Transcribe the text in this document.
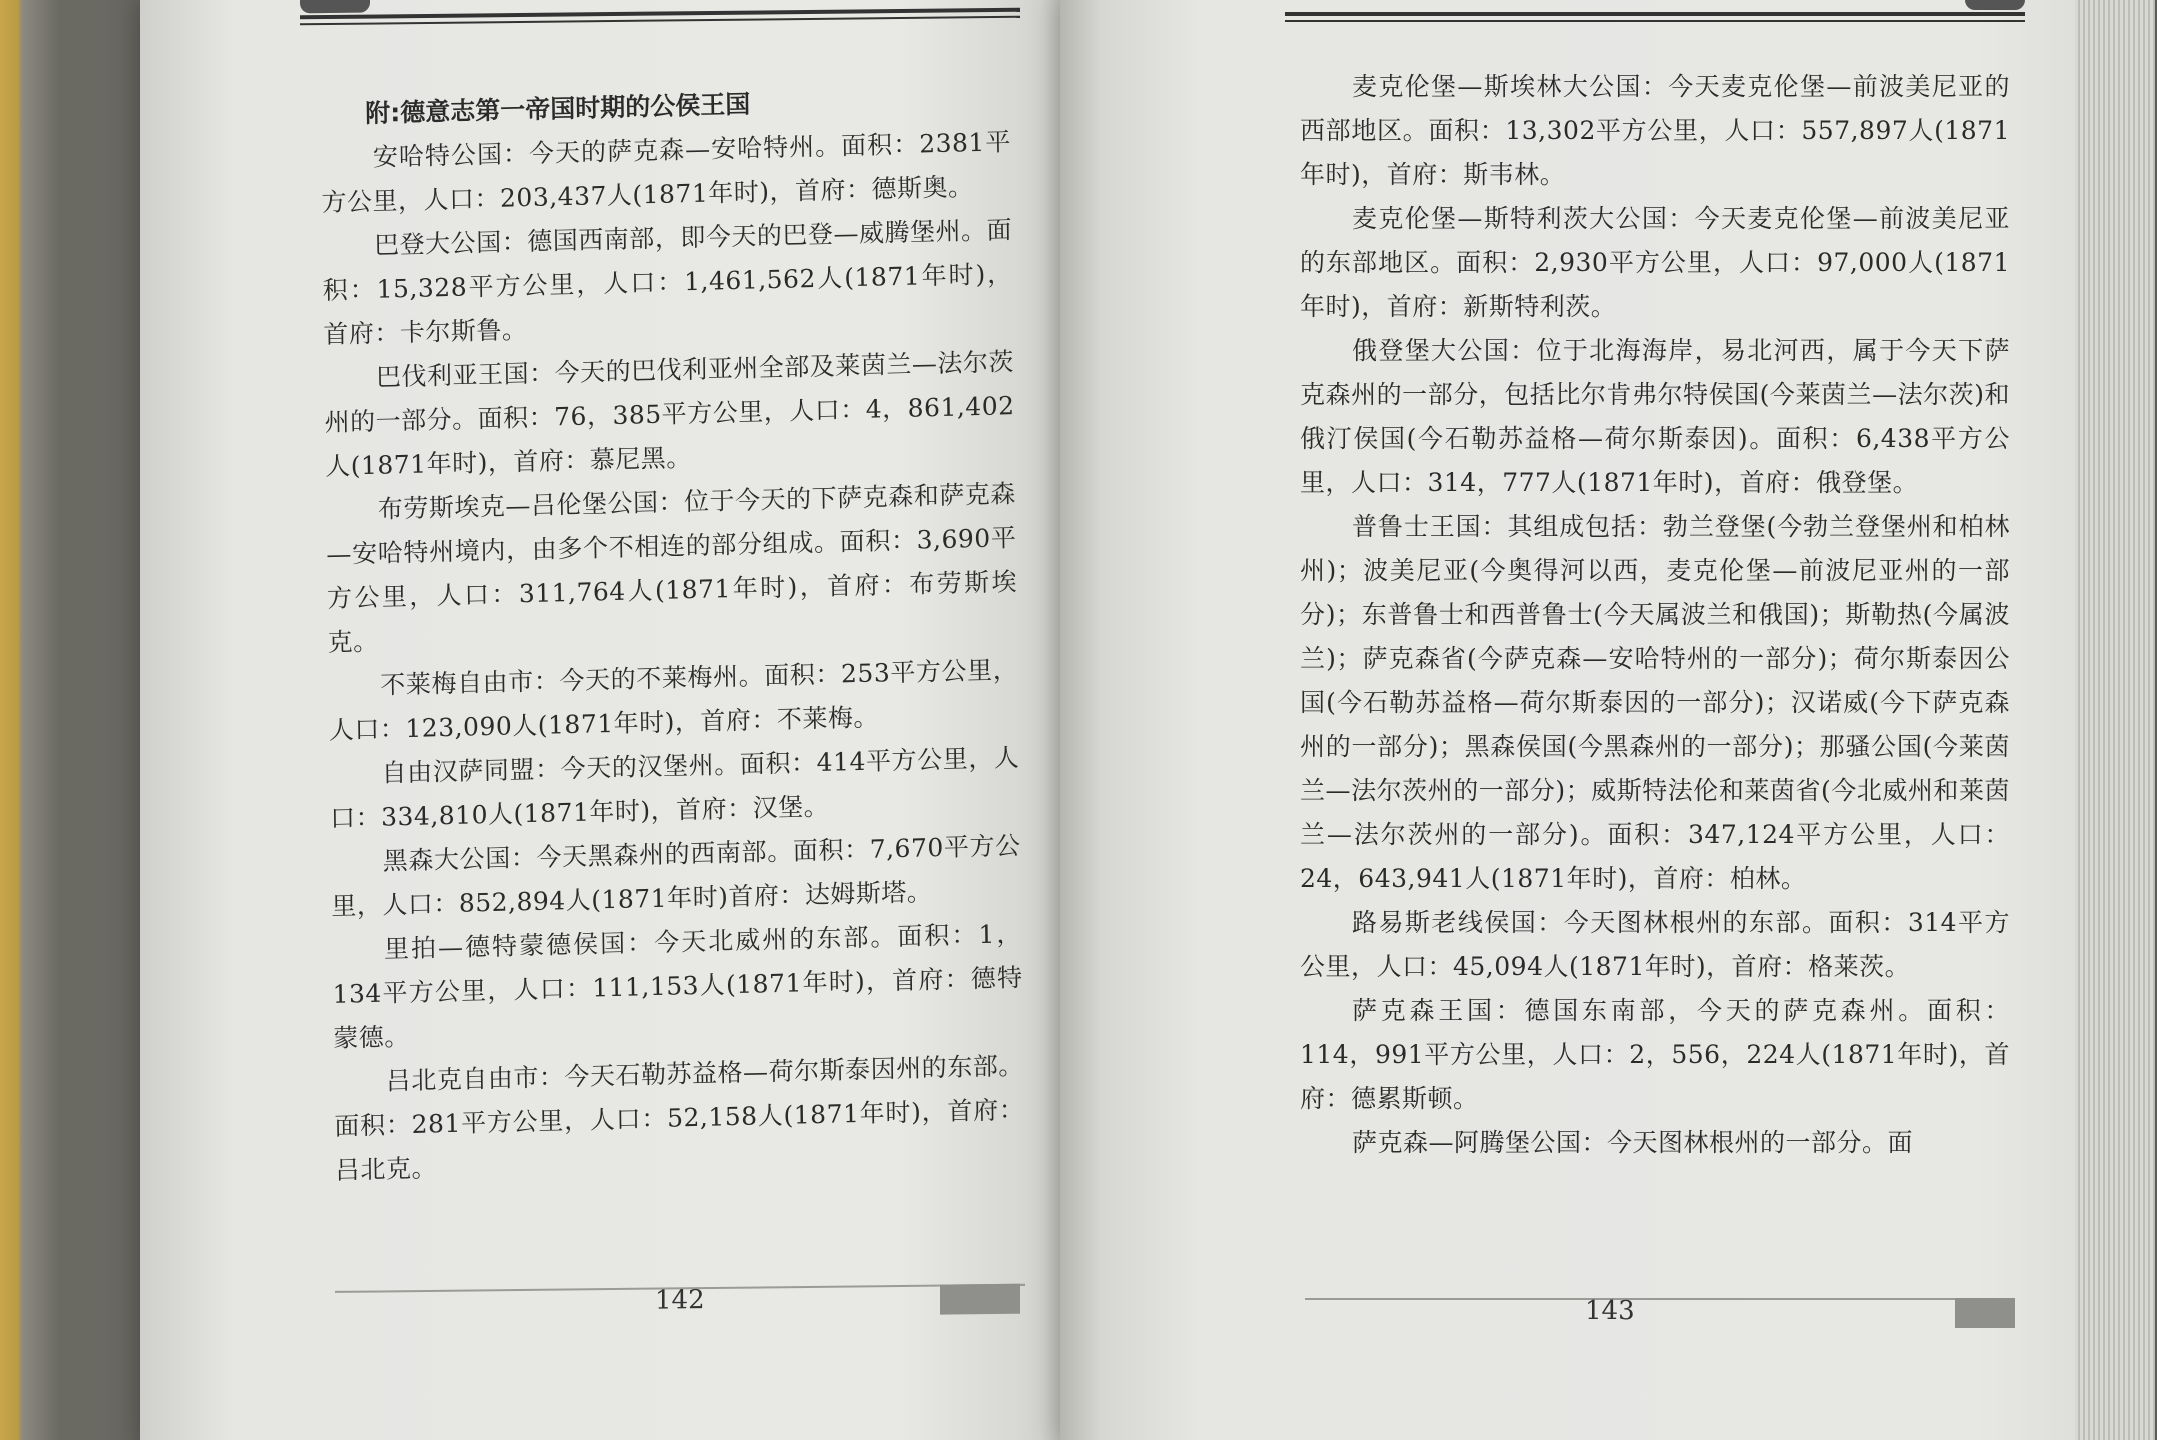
附:德意志第一帝国时期的公侯王国

安哈特公国：今天的萨克森—安哈特州。面积：2381平方公里，人口：203,437人(1871年时)，首府：德斯奥。

巴登大公国：德国西南部，即今天的巴登—威腾堡州。面积：15,328平方公里，人口：1,461,562人(1871年时)，首府：卡尔斯鲁。

巴伐利亚王国：今天的巴伐利亚州全部及莱茵兰—法尔茨州的一部分。面积：76，385平方公里，人口：4，861,402人(1871年时)，首府：慕尼黑。

布劳斯埃克—吕伦堡公国：位于今天的下萨克森和萨克森—安哈特州境内，由多个不相连的部分组成。面积：3,690平方公里，人口：311,764人(1871年时)，首府：布劳斯埃克。

不莱梅自由市：今天的不莱梅州。面积：253平方公里，人口：123,090人(1871年时)，首府：不莱梅。

自由汉萨同盟：今天的汉堡州。面积：414平方公里，人口：334,810人(1871年时)，首府：汉堡。

黑森大公国：今天黑森州的西南部。面积：7,670平方公里，人口：852,894人(1871年时)首府：达姆斯塔。

里拍—德特蒙德侯国：今天北威州的东部。面积：1，134平方公里，人口：111,153人(1871年时)，首府：德特蒙德。

吕北克自由市：今天石勒苏益格—荷尔斯泰因州的东部。面积：281平方公里，人口：52,158人(1871年时)，首府：吕北克。

142

麦克伦堡—斯埃林大公国：今天麦克伦堡—前波美尼亚的西部地区。面积：13,302平方公里，人口：557,897人(1871年时)，首府：斯韦林。

麦克伦堡—斯特利茨大公国：今天麦克伦堡—前波美尼亚的东部地区。面积：2,930平方公里，人口：97,000人(1871年时)，首府：新斯特利茨。

俄登堡大公国：位于北海海岸，易北河西，属于今天下萨克森州的一部分，包括比尔肯弗尔特侯国(今莱茵兰—法尔茨)和俄汀侯国(今石勒苏益格—荷尔斯泰因)。面积：6,438平方公里，人口：314，777人(1871年时)，首府：俄登堡。

普鲁士王国：其组成包括：勃兰登堡(今勃兰登堡州和柏林州)；波美尼亚(今奥得河以西，麦克伦堡—前波尼亚州的一部分)；东普鲁士和西普鲁士(今天属波兰和俄国)；斯勒热(今属波兰)；萨克森省(今萨克森—安哈特州的一部分)；荷尔斯泰因公国(今石勒苏益格—荷尔斯泰因的一部分)；汉诺威(今下萨克森州的一部分)；黑森侯国(今黑森州的一部分)；那骚公国(今莱茵兰—法尔茨州的一部分)；威斯特法伦和莱茵省(今北威州和莱茵兰—法尔茨州的一部分)。面积：347,124平方公里，人口：24，643,941人(1871年时)，首府：柏林。

路易斯老线侯国：今天图林根州的东部。面积：314平方公里，人口：45,094人(1871年时)，首府：格莱茨。

萨克森王国：德国东南部，今天的萨克森州。面积：114，991平方公里，人口：2，556，224人(1871年时)，首府：德累斯顿。

萨克森—阿腾堡公国：今天图林根州的一部分。面

143
